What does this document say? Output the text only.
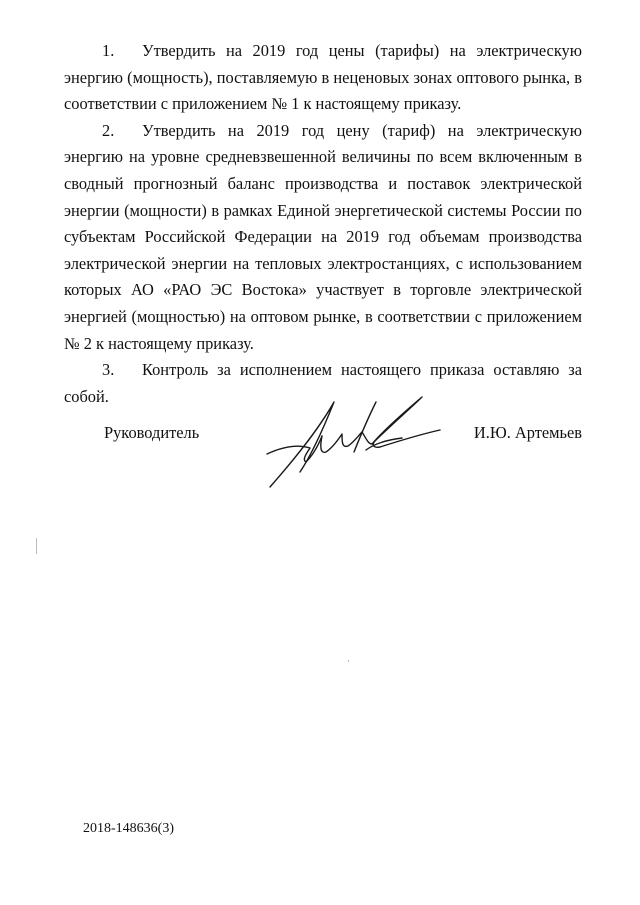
1. Утвердить на 2019 год цены (тарифы) на электрическую энергию (мощность), поставляемую в неценовых зонах оптового рынка, в соответствии с приложением № 1 к настоящему приказу.

2. Утвердить на 2019 год цену (тариф) на электрическую энергию на уровне средневзвешенной величины по всем включенным в сводный прогнозный баланс производства и поставок электрической энергии (мощности) в рамках Единой энергетической системы России по субъектам Российской Федерации на 2019 год объемам производства электрической энергии на тепловых электростанциях, с использованием которых АО «РАО ЭС Востока» участвует в торговле электрической энергией (мощностью) на оптовом рынке, в соответствии с приложением № 2 к настоящему приказу.

3. Контроль за исполнением настоящего приказа оставляю за собой.

Руководитель	И.Ю. Артемьев
2018-148636(3)
